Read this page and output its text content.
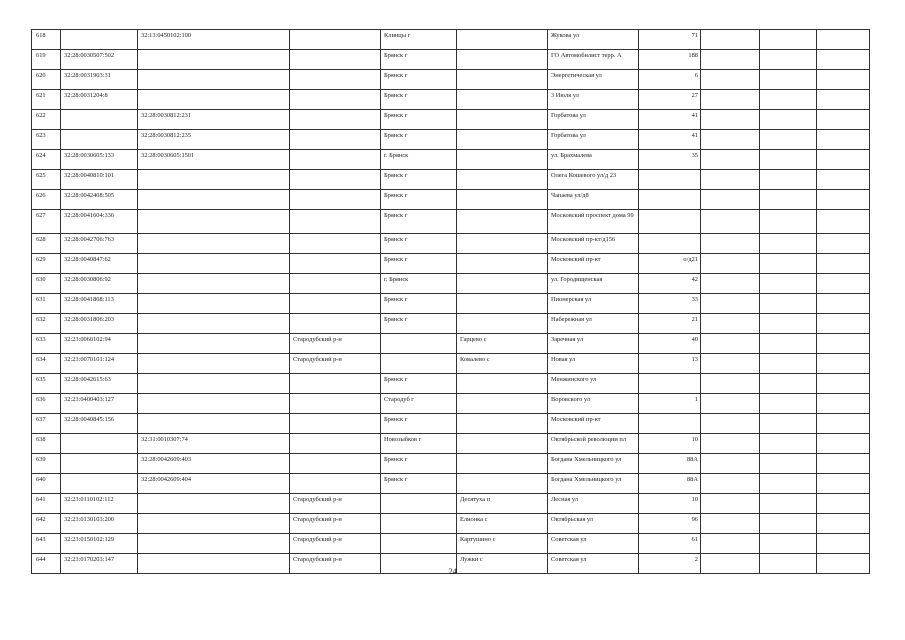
618		32:13:0450102:100		Клинцы г		Жукова ул	71			
619	32:28:0030507:502			Брянск г		ГО Автомобилист терр. А	188			
620	32:28:0031903:31			Брянск г		Энергетическая ул	6			
621	32:28:0031204:8			Брянск г		3 Июля ул	27			
622		32:28:0030812:231		Брянск г		Горбатова ул	41			
623		32:28:0030812:235		Брянск г		Горбатова ул	41			
624	32:28:0030605:133	32:28:0030605:1501		г. Брянск		ул. Брахмалева	35			
625	32:28:0040810:101			Брянск г		Олега Кошевого ул/д 23				
626	32:28:0042408:505			Брянск г		Чапаева ул/д8				
627	32:28:0041604:336			Брянск г		Московский проспект дома 99				
628	32:28:0042706:763			Брянск г		Московский пр-кт/д156				
629	32:28:0040847:62			Брянск г		Московский пр-кт	о/д21			
630	32:28:0030806:92			г. Брянск		ул. Городищенская	42			
631	32:28:0041808:113			Брянск г		Пионерская ул	33			
632	32:28:0031806:203			Брянск г		Набережная ул	21			
633	32:23:0060102:94		Стародубский р-н		Гарцево с	Заречная ул	40			
634	32:23:0070101:124		Стародубский р-н		Ковалево с	Новая ул	13			
635	32:28:0042615:63			Брянск г		Менжинского ул				
636	32:23:0400403:127			Стародуб г		Воровского ул	1			
637	32:28:0040845:156			Брянск г		Московский пр-кт				
638		32:31:0010307:74		Новозыбков г		Октябрьской революции пл	10			
639		32:28:0042609:403		Брянск г		Богдана Хмельницкого ул	88А			
640		32:28:0042609:404		Брянск г		Богдана Хмельницкого ул	88А			
641	32:23:0110102:112		Стародубский р-н		Десятуха п	Лесная ул	10			
642	32:23:0130103:200		Стародубский р-н		Елионка с	Октябрьская ул	96			
643	32:23:0150102:129		Стародубский р-н		Картушино с	Советская ул	61			
644	32:23:0170203:147		Стародубский р-н		Лужки с	Советская ул	2			
24
